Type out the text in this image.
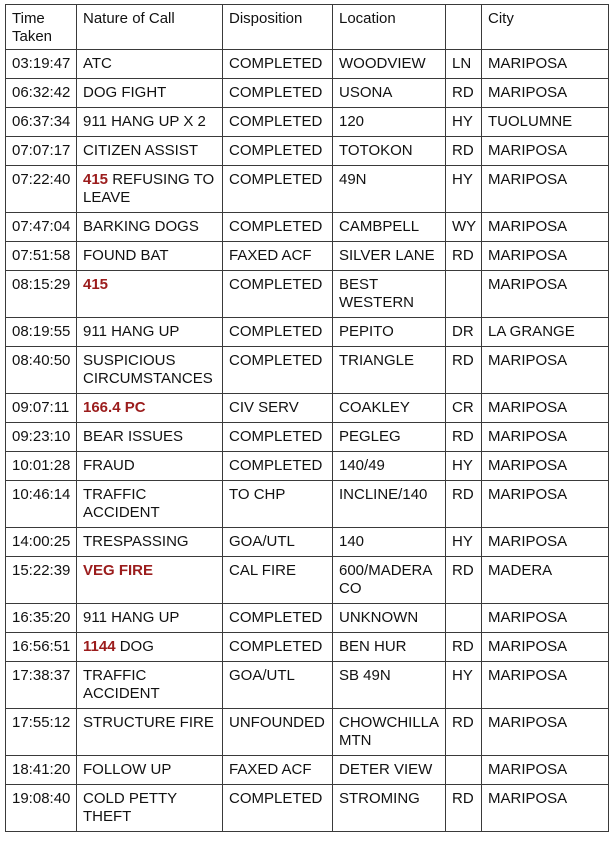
Time Taken	Nature of Call	Disposition	Location		City
03:19:47	ATC	COMPLETED	WOODVIEW	LN	MARIPOSA
06:32:42	DOG FIGHT	COMPLETED	USONA	RD	MARIPOSA
06:37:34	911 HANG UP X 2	COMPLETED	120	HY	TUOLUMNE
07:07:17	CITIZEN ASSIST	COMPLETED	TOTOKON	RD	MARIPOSA
07:22:40	415 REFUSING TO LEAVE	COMPLETED	49N	HY	MARIPOSA
07:47:04	BARKING DOGS	COMPLETED	CAMBPELL	WY	MARIPOSA
07:51:58	FOUND BAT	FAXED ACF	SILVER LANE	RD	MARIPOSA
08:15:29	415	COMPLETED	BEST WESTERN		MARIPOSA
08:19:55	911 HANG UP	COMPLETED	PEPITO	DR	LA GRANGE
08:40:50	SUSPICIOUS CIRCUMSTANCES	COMPLETED	TRIANGLE	RD	MARIPOSA
09:07:11	166.4 PC	CIV SERV	COAKLEY	CR	MARIPOSA
09:23:10	BEAR ISSUES	COMPLETED	PEGLEG	RD	MARIPOSA
10:01:28	FRAUD	COMPLETED	140/49	HY	MARIPOSA
10:46:14	TRAFFIC ACCIDENT	TO CHP	INCLINE/140	RD	MARIPOSA
14:00:25	TRESPASSING	GOA/UTL	140	HY	MARIPOSA
15:22:39	VEG FIRE	CAL FIRE	600/MADERA CO	RD	MADERA
16:35:20	911 HANG UP	COMPLETED	UNKNOWN		MARIPOSA
16:56:51	1144 DOG	COMPLETED	BEN HUR	RD	MARIPOSA
17:38:37	TRAFFIC ACCIDENT	GOA/UTL	SB 49N	HY	MARIPOSA
17:55:12	STRUCTURE FIRE	UNFOUNDED	CHOWCHILLA MTN	RD	MARIPOSA
18:41:20	FOLLOW UP	FAXED ACF	DETER VIEW		MARIPOSA
19:08:40	COLD PETTY THEFT	COMPLETED	STROMING	RD	MARIPOSA
